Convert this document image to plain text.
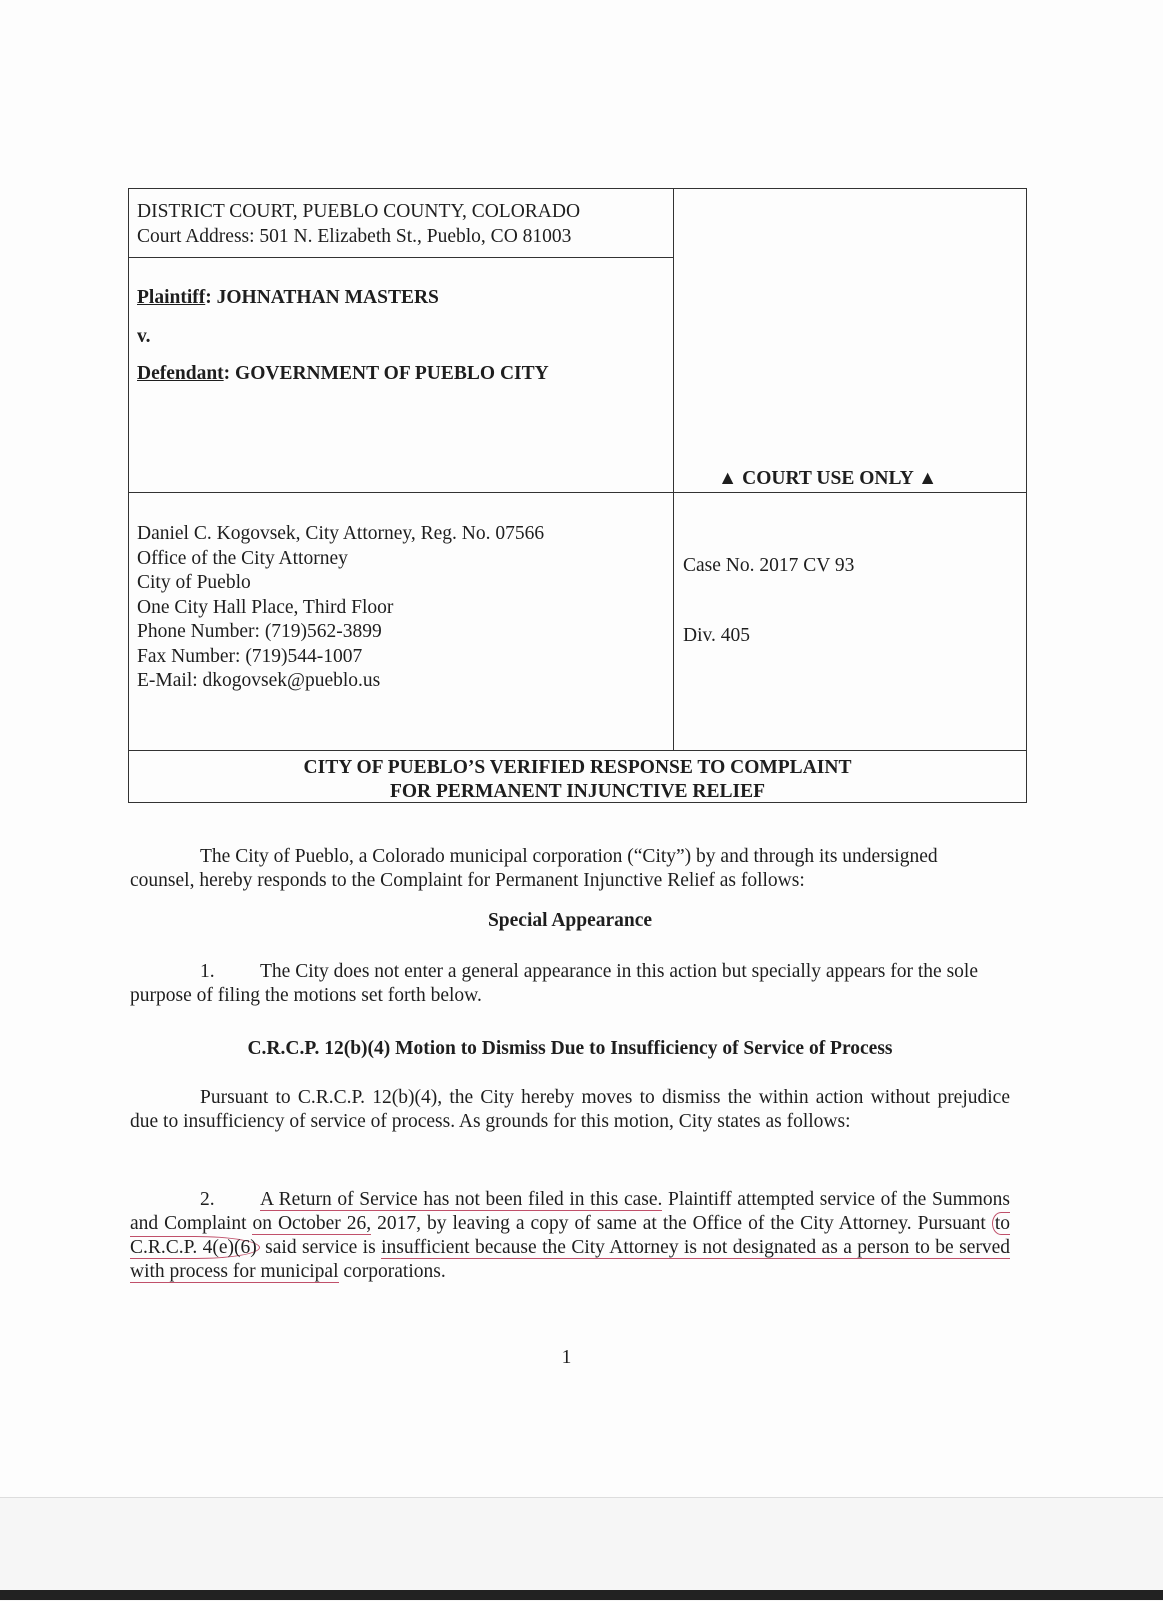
DISTRICT COURT, PUEBLO COUNTY, COLORADO
Court Address: 501 N. Elizabeth St., Pueblo, CO 81003
Plaintiff: JOHNATHAN MASTERS
v.
Defendant: GOVERNMENT OF PUEBLO CITY
▲ COURT USE ONLY ▲
Daniel C. Kogovsek, City Attorney, Reg. No. 07566
Office of the City Attorney
City of Pueblo
One City Hall Place, Third Floor
Phone Number: (719)562-3899
Fax Number: (719)544-1007
E-Mail: dkogovsek@pueblo.us
Case No. 2017 CV 93
Div. 405
CITY OF PUEBLO’S VERIFIED RESPONSE TO COMPLAINT
FOR PERMANENT INJUNCTIVE RELIEF
The City of Pueblo, a Colorado municipal corporation (“City”) by and through its undersigned counsel, hereby responds to the Complaint for Permanent Injunctive Relief as follows:
Special Appearance
1. The City does not enter a general appearance in this action but specially appears for the sole purpose of filing the motions set forth below.
C.R.C.P. 12(b)(4) Motion to Dismiss Due to Insufficiency of Service of Process
Pursuant to C.R.C.P. 12(b)(4), the City hereby moves to dismiss the within action without prejudice due to insufficiency of service of process. As grounds for this motion, City states as follows:
2. A Return of Service has not been filed in this case. Plaintiff attempted service of the Summons and Complaint on October 26, 2017, by leaving a copy of same at the Office of the City Attorney. Pursuant to C.R.C.P. 4(e)(6) said service is insufficient because the City Attorney is not designated as a person to be served with process for municipal corporations.
1
